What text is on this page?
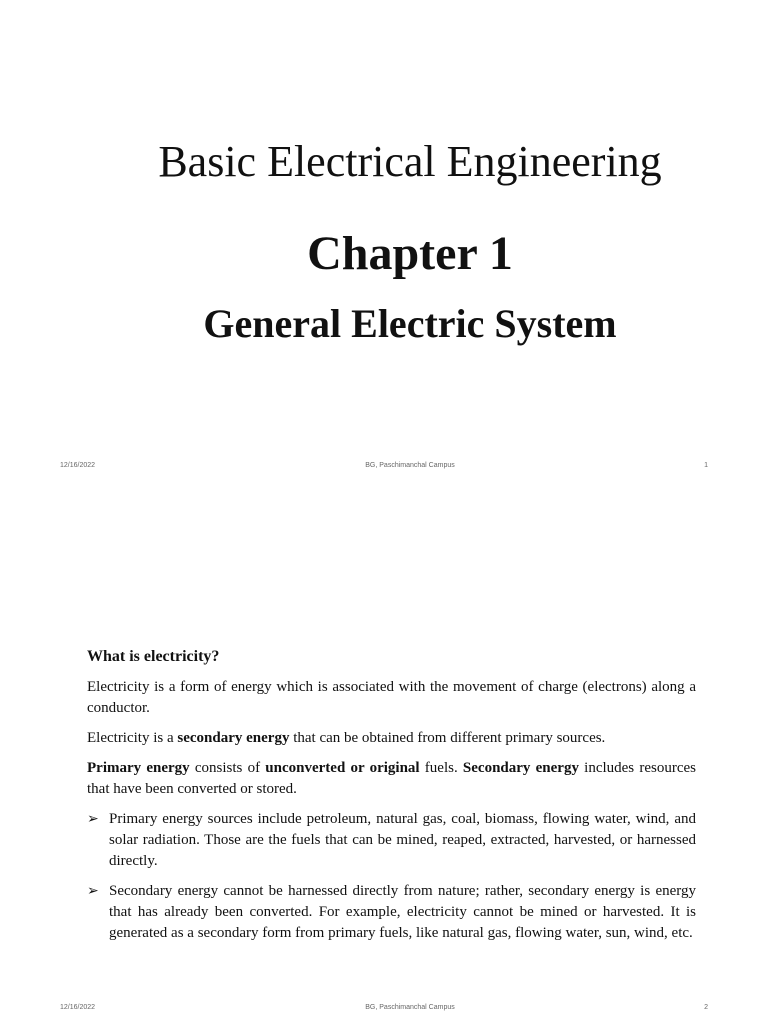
Basic Electrical Engineering
Chapter 1
General Electric System
12/16/2022	BG, Paschimanchal Campus	1
What is electricity?

Electricity is a form of energy which is associated with the movement of charge (electrons) along a conductor.

Electricity is a secondary energy that can be obtained from different primary sources.

Primary energy consists of unconverted or original fuels. Secondary energy includes resources that have been converted or stored.

➢ Primary energy sources include petroleum, natural gas, coal, biomass, flowing water, wind, and solar radiation. Those are the fuels that can be mined, reaped, extracted, harvested, or harnessed directly.
➢ Secondary energy cannot be harnessed directly from nature; rather, secondary energy is energy that has already been converted. For example, electricity cannot be mined or harvested. It is generated as a secondary form from primary fuels, like natural gas, flowing water, sun, wind, etc.
12/16/2022	BG, Paschimanchal Campus	2
